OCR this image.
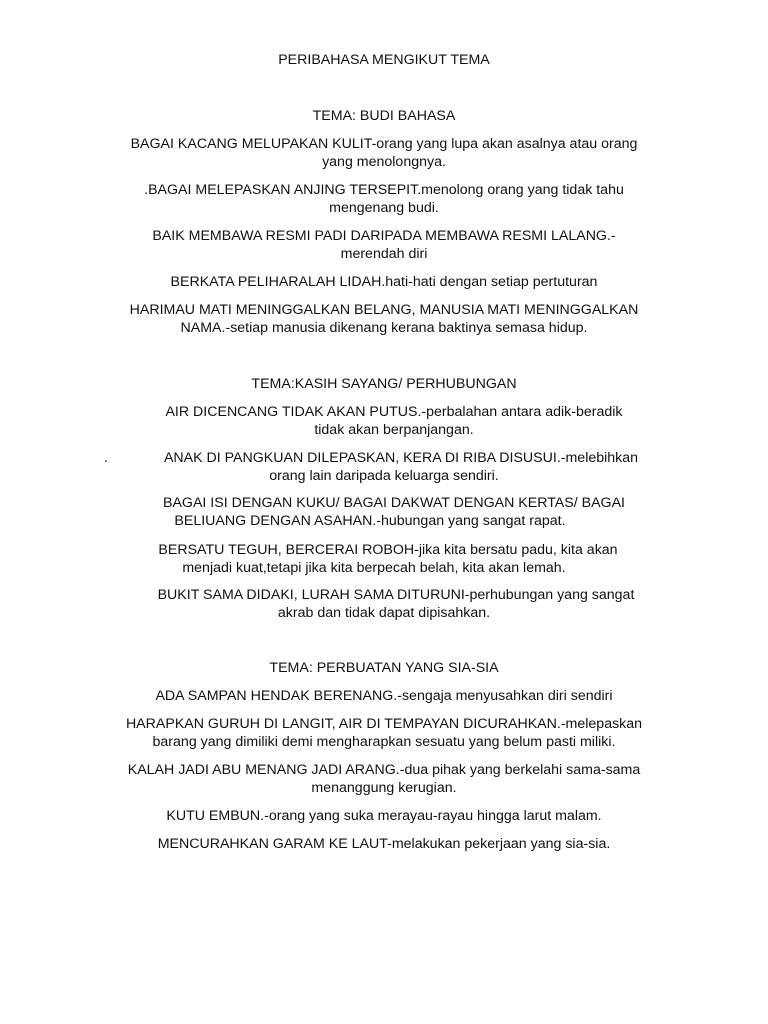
PERIBAHASA MENGIKUT TEMA

TEMA: BUDI BAHASA

BAGAI KACANG MELUPAKAN KULIT-orang yang lupa akan asalnya atau orang

yang menolongnya.

.BAGAI MELEPASKAN ANJING TERSEPIT.menolong orang yang tidak tahu

mengenang budi.

BAIK MEMBAWA RESMI PADI DARIPADA MEMBAWA RESMI LALANG.-

merendah diri

BERKATA PELIHARALAH LIDAH.hati-hati dengan setiap pertuturan

HARIMAU MATI MENINGGALKAN BELANG, MANUSIA MATI MENINGGALKAN

NAMA.-setiap manusia dikenang kerana baktinya semasa hidup.

TEMA:KASIH SAYANG/ PERHUBUNGAN

AIR DICENCANG TIDAK AKAN PUTUS.-perbalahan antara adik-beradik

tidak akan berpanjangan.

.	ANAK DI PANGKUAN DILEPASKAN, KERA DI RIBA DISUSUI.-melebihkan

orang lain daripada keluarga sendiri.

BAGAI ISI DENGAN KUKU/ BAGAI DAKWAT DENGAN KERTAS/ BAGAI

BELIUANG DENGAN ASAHAN.-hubungan yang sangat rapat.

BERSATU TEGUH, BERCERAI ROBOH-jika kita bersatu padu, kita akan

menjadi kuat,tetapi jika kita berpecah belah, kita akan lemah.

BUKIT SAMA DIDAKI, LURAH SAMA DITURUNI-perhubungan yang sangat

akrab dan tidak dapat dipisahkan.

TEMA: PERBUATAN YANG SIA-SIA

ADA SAMPAN HENDAK BERENANG.-sengaja menyusahkan diri sendiri

HARAPKAN GURUH DI LANGIT, AIR DI TEMPAYAN DICURAHKAN.-melepaskan

barang yang dimiliki demi mengharapkan sesuatu yang belum pasti miliki.

KALAH JADI ABU MENANG JADI ARANG.-dua pihak yang berkelahi sama-sama

menanggung kerugian.

KUTU EMBUN.-orang yang suka merayau-rayau hingga larut malam.

MENCURAHKAN GARAM KE LAUT-melakukan pekerjaan yang sia-sia.
